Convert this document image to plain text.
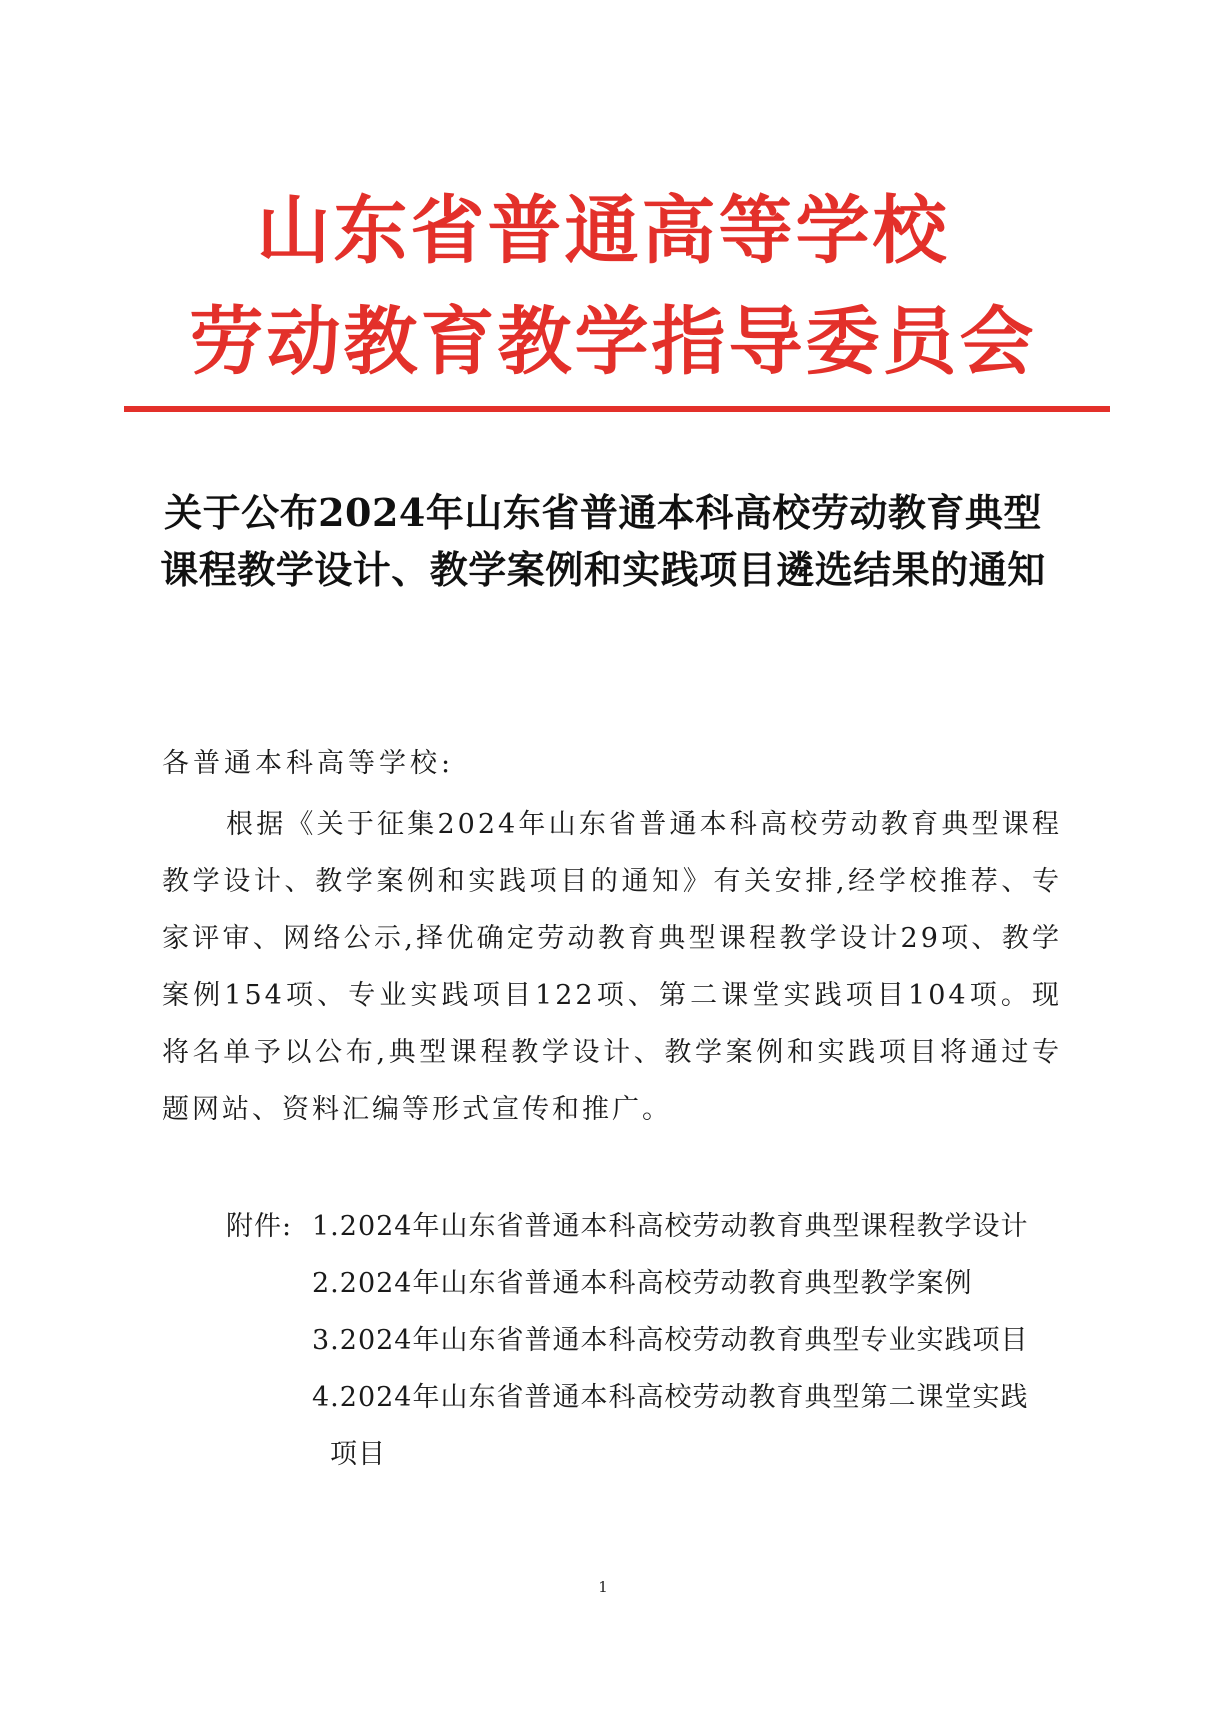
山东省普通高等学校
劳动教育教学指导委员会
关于公布2024年山东省普通本科高校劳动教育典型课程教学设计、教学案例和实践项目遴选结果的通知
各普通本科高等学校:
根据《关于征集2024年山东省普通本科高校劳动教育典型课程教学设计、教学案例和实践项目的通知》有关安排,经学校推荐、专家评审、网络公示,择优确定劳动教育典型课程教学设计29项、教学案例154项、专业实践项目122项、第二课堂实践项目104项。现将名单予以公布,典型课程教学设计、教学案例和实践项目将通过专题网站、资料汇编等形式宣传和推广。
附件: 1.2024年山东省普通本科高校劳动教育典型课程教学设计
2.2024年山东省普通本科高校劳动教育典型教学案例
3.2024年山东省普通本科高校劳动教育典型专业实践项目
4.2024年山东省普通本科高校劳动教育典型第二课堂实践
项目
1
